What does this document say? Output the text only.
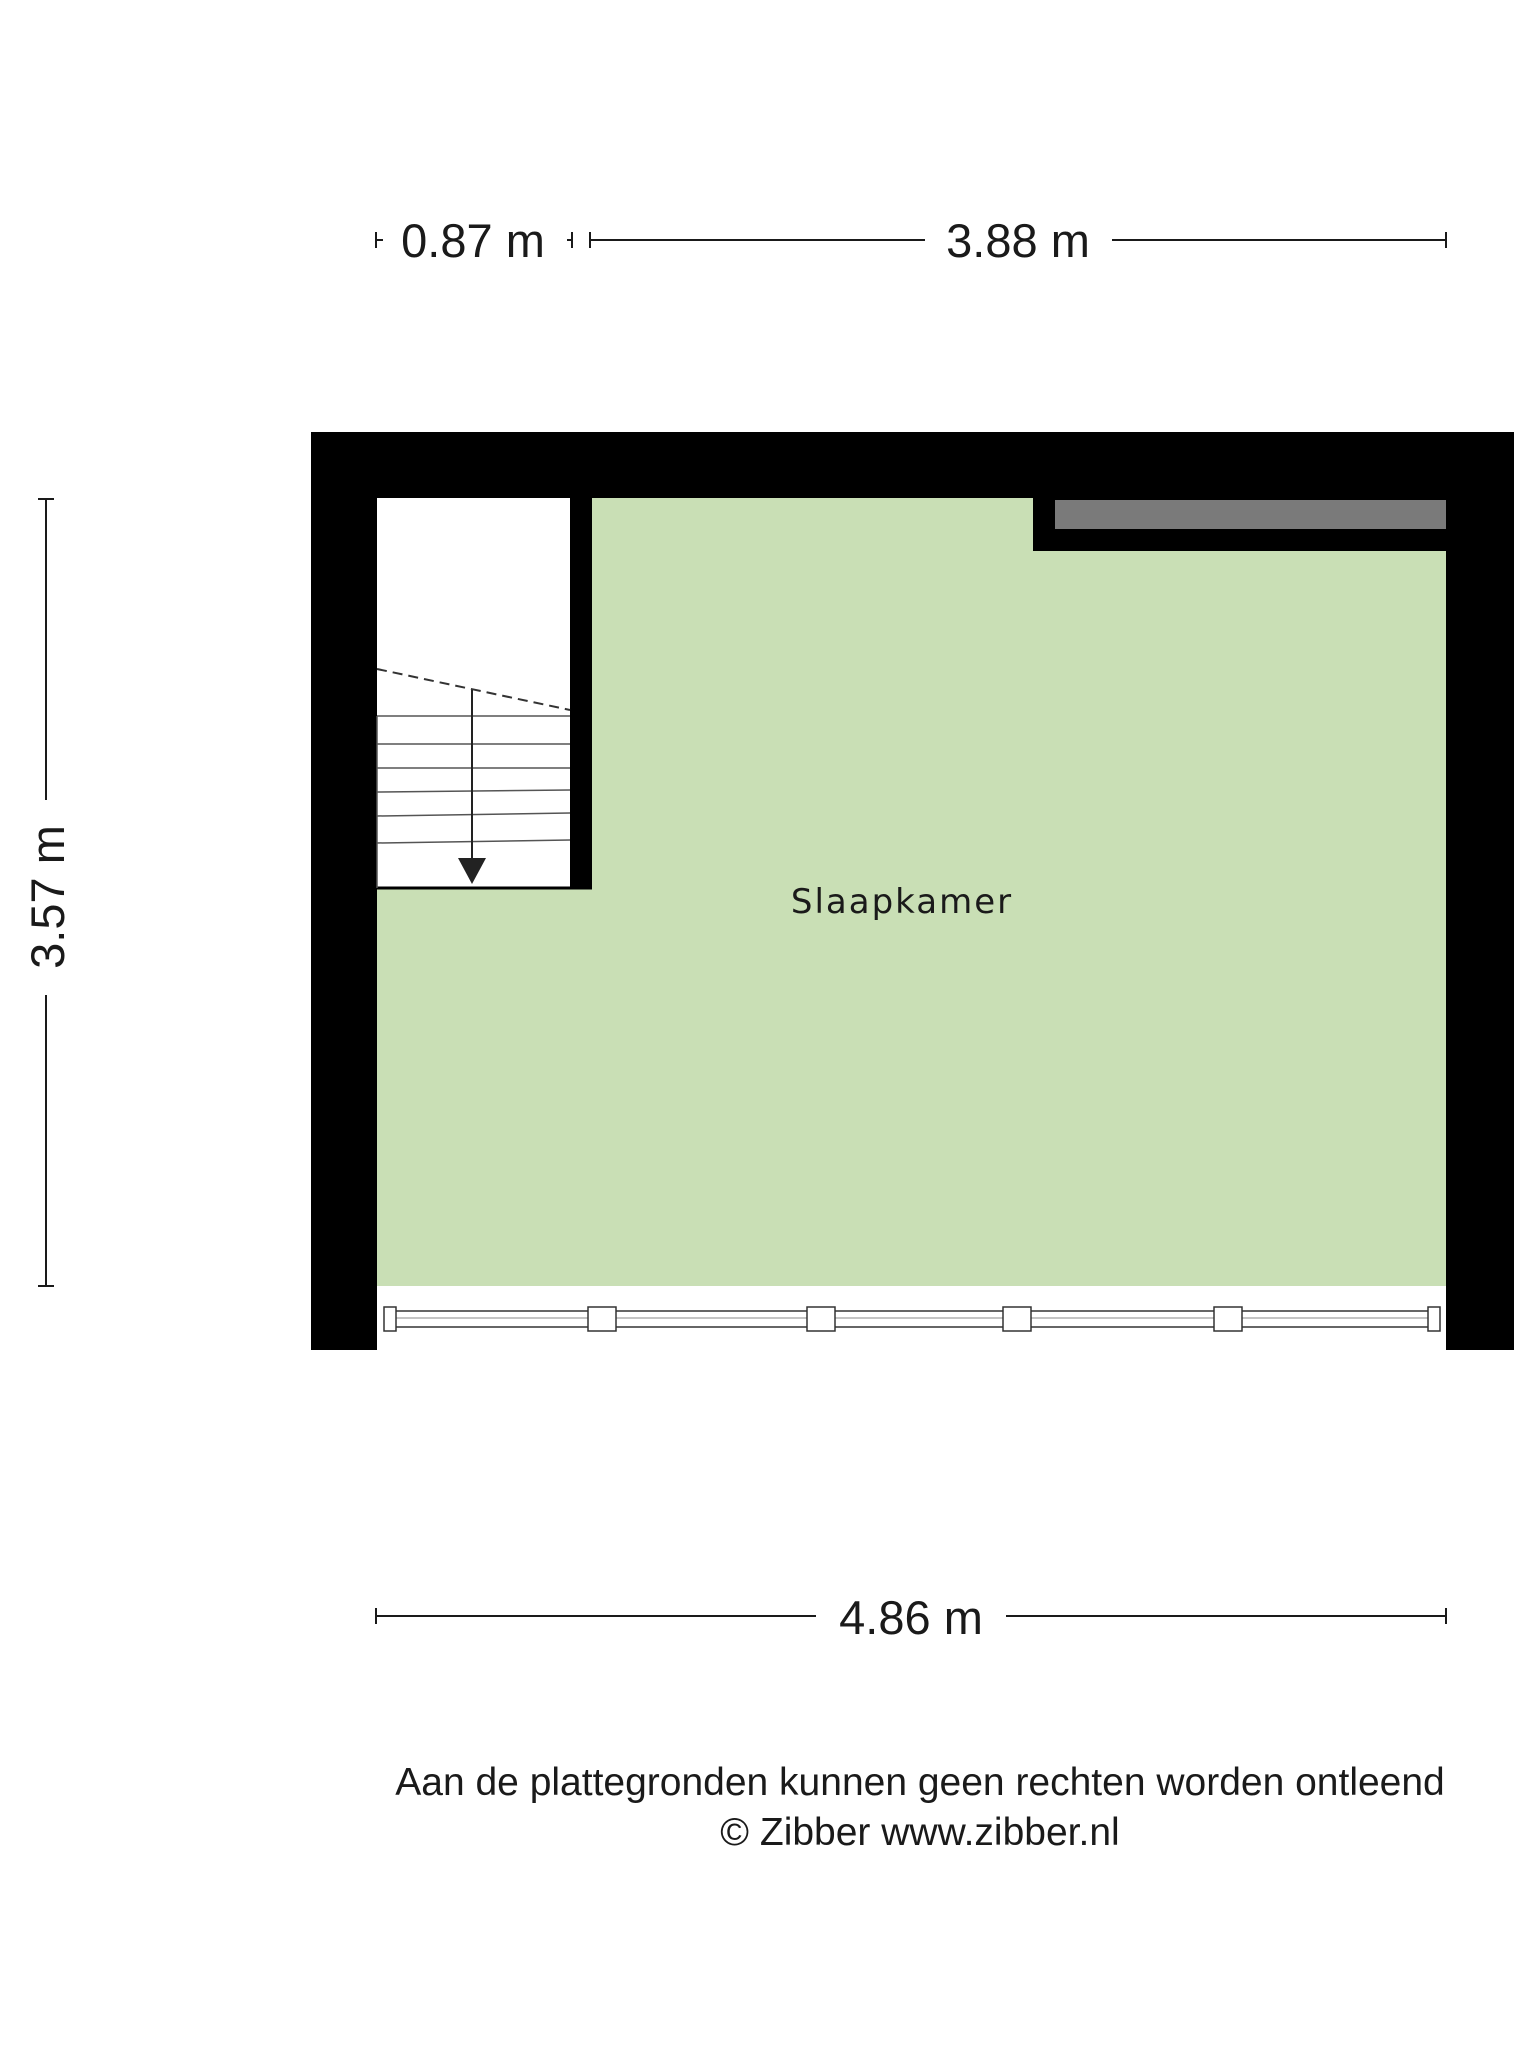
0.87 m	3.88 m
3.57 m	Slaapkamer
4.86 m
Aan de plattegronden kunnen geen rechten worden ontleend
© Zibber www.zibber.nl
